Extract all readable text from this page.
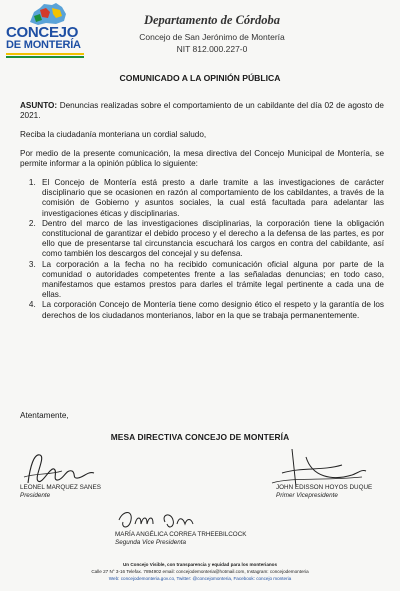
CONCEJO
DE MONTERÍA
Departamento de Córdoba
Concejo de San Jerónimo de Montería
NIT 812.000.227-0
COMUNICADO A LA OPINIÓN PÚBLICA

ASUNTO: Denuncias realizadas sobre el comportamiento de un cabildante del día 02 de agosto de 2021.

Reciba la ciudadanía monteriana un cordial saludo,

Por medio de la presente comunicación, la mesa directiva del Concejo Municipal de Montería, se permite informar a la opinión pública lo siguiente:

1. El Concejo de Montería está presto a darle tramite a las investigaciones de carácter disciplinario que se ocasionen en razón al comportamiento de los cabildantes, a través de la comisión de Gobierno y asuntos sociales, la cual está facultada para adelantar las investigaciones éticas y disciplinarias.
2. Dentro del marco de las investigaciones disciplinarias, la corporación tiene la obligación constitucional de garantizar el debido proceso y el derecho a la defensa de las partes, es por ello que de presentarse tal circunstancia escuchará los cargos en contra del cabildante, así como también los descargos del concejal y su defensa.
3. La corporación a la fecha no ha recibido comunicación oficial alguna por parte de la comunidad o autoridades competentes frente a las señaladas denuncias; en todo caso, manifestamos que estamos prestos para darles el trámite legal pertinente a cada una de ellas.
4. La corporación Concejo de Montería tiene como designio ético el respeto y la garantía de los derechos de los ciudadanos monterianos, labor en la que se trabaja permanentemente.
Atentamente,
MESA DIRECTIVA CONCEJO DE MONTERÍA
LEONEL MARQUEZ SANES
Presidente
JOHN EDISSON HOYOS DUQUE
Primer Vicepresidente
MARÍA ANGÉLICA CORREA TRHEEBILCOCK
Segunda Vice Presidenta
Un Concejo Visible, con transparencia y equidad para los monterianos
Calle 27 N° 3-16 Telefax. 7894902 email: concejodemonteria@hotmail.com, Instagram: concejodemonteria
Web: concejodemonteria.gov.co, Twitter: @concejomonteria, Facebook: concejo monteria
